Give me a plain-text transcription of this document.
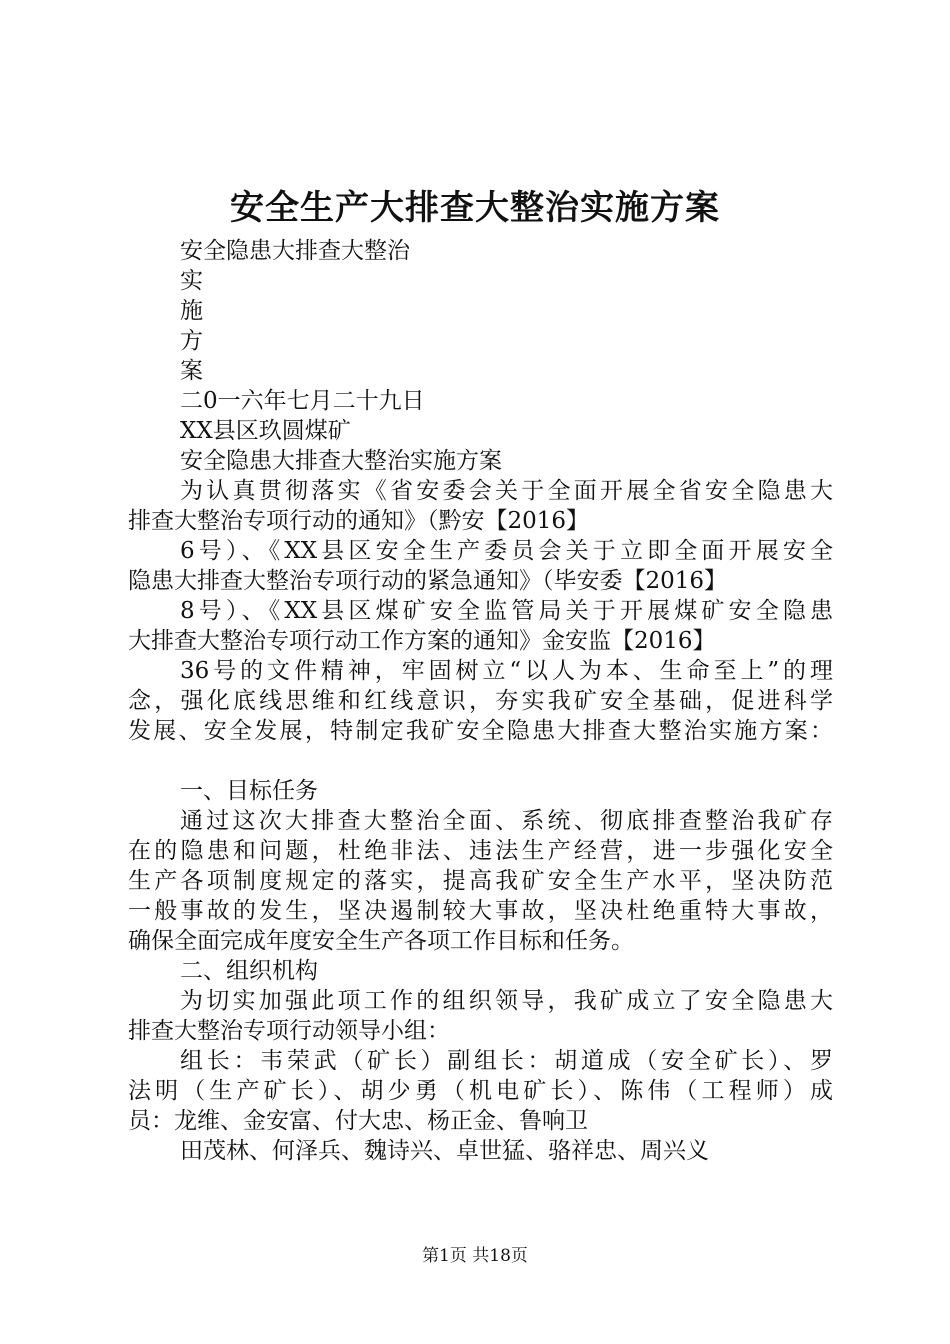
安全生产大排查大整治实施方案
安全隐患大排查大整治
实
施
方
案
二0一六年七月二十九日
XX县区玖圆煤矿
安全隐患大排查大整治实施方案
为认真贯彻落实《省安委会关于全面开展全省安全隐患大
排查大整治专项行动的通知》（黔安【2016】
6号）、《XX县区安全生产委员会关于立即全面开展安全
隐患大排查大整治专项行动的紧急通知》（毕安委【2016】
8号）、《XX县区煤矿安全监管局关于开展煤矿安全隐患
大排查大整治专项行动工作方案的通知》金安监【2016】
36号的文件精神，牢固树立“以人为本、生命至上”的理
念，强化底线思维和红线意识，夯实我矿安全基础，促进科学
发展、安全发展，特制定我矿安全隐患大排查大整治实施方案：
一、目标任务
通过这次大排查大整治全面、系统、彻底排查整治我矿存
在的隐患和问题，杜绝非法、违法生产经营，进一步强化安全
生产各项制度规定的落实，提高我矿安全生产水平，坚决防范
一般事故的发生，坚决遏制较大事故，坚决杜绝重特大事故，
确保全面完成年度安全生产各项工作目标和任务。
二、组织机构
为切实加强此项工作的组织领导，我矿成立了安全隐患大
排查大整治专项行动领导小组：
组长：韦荣武（矿长）副组长：胡道成（安全矿长）、罗
法明（生产矿长）、胡少勇（机电矿长）、陈伟（工程师）成
员：龙维、金安富、付大忠、杨正金、鲁响卫
田茂林、何泽兵、魏诗兴、卓世猛、骆祥忠、周兴义
第1页 共18页
